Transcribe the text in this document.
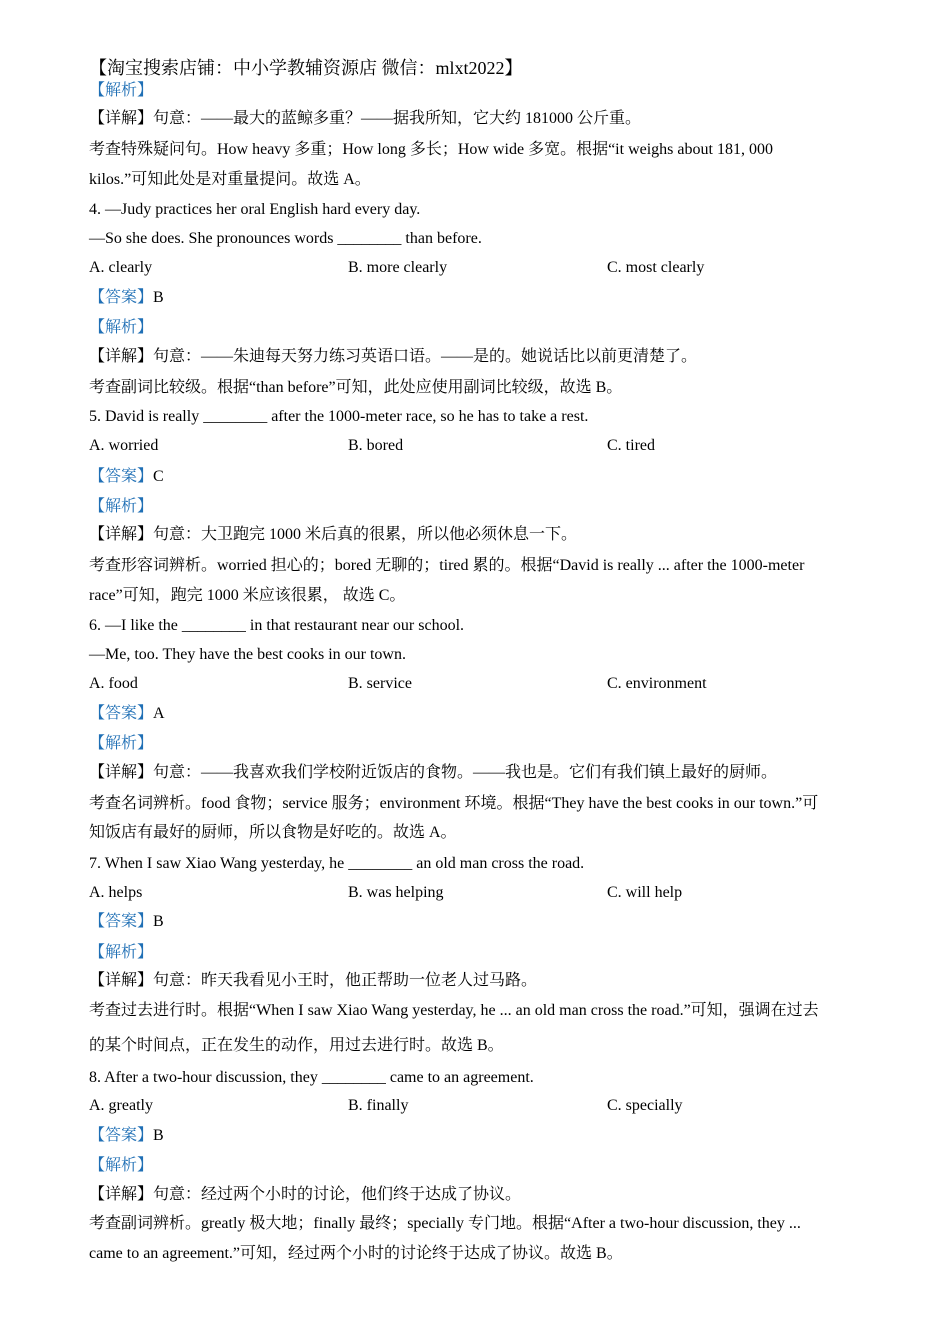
【淘宝搜索店铺：中小学教辅资源店 微信：mlxt2022】
【解析】
【详解】句意：——最大的蓝鲸多重？——据我所知，它大约 181000 公斤重。
考查特殊疑问句。How heavy 多重；How long 多长；How wide 多宽。根据“it weighs about 181, 000
kilos.”可知此处是对重量提问。故选 A。
4. —Judy practices her oral English hard every day.
—So she does. She pronounces words ________ than before.
A. clearly	B. more clearly	C. most clearly
【答案】B
【解析】
【详解】句意：——朱迪每天努力练习英语口语。——是的。她说话比以前更清楚了。
考查副词比较级。根据“than before”可知，此处应使用副词比较级，故选 B。
5. David is really ________ after the 1000-meter race, so he has to take a rest.
A. worried	B. bored	C. tired
【答案】C
【解析】
【详解】句意：大卫跑完 1000 米后真的很累，所以他必须休息一下。
考查形容词辨析。worried 担心的；bored 无聊的；tired 累的。根据“David is really ... after the 1000-meter
race”可知，跑完 1000 米应该很累， 故选 C。
6. —I like the ________ in that restaurant near our school.
—Me, too. They have the best cooks in our town.
A. food	B. service	C. environment
【答案】A
【解析】
【详解】句意：——我喜欢我们学校附近饭店的食物。——我也是。它们有我们镇上最好的厨师。
考查名词辨析。food 食物；service 服务；environment 环境。根据“They have the best cooks in our town.”可
知饭店有最好的厨师，所以食物是好吃的。故选 A。
7. When I saw Xiao Wang yesterday, he ________ an old man cross the road.
A. helps	B. was helping	C. will help
【答案】B
【解析】
【详解】句意：昨天我看见小王时，他正帮助一位老人过马路。
考查过去进行时。根据“When I saw Xiao Wang yesterday, he ... an old man cross the road.”可知，强调在过去
的某个时间点，正在发生的动作，用过去进行时。故选 B。
8. After a two-hour discussion, they ________ came to an agreement.
A. greatly	B. finally	C. specially
【答案】B
【解析】
【详解】句意：经过两个小时的讨论，他们终于达成了协议。
考查副词辨析。greatly 极大地；finally 最终；specially 专门地。根据“After a two-hour discussion, they ...
came to an agreement.”可知，经过两个小时的讨论终于达成了协议。故选 B。
